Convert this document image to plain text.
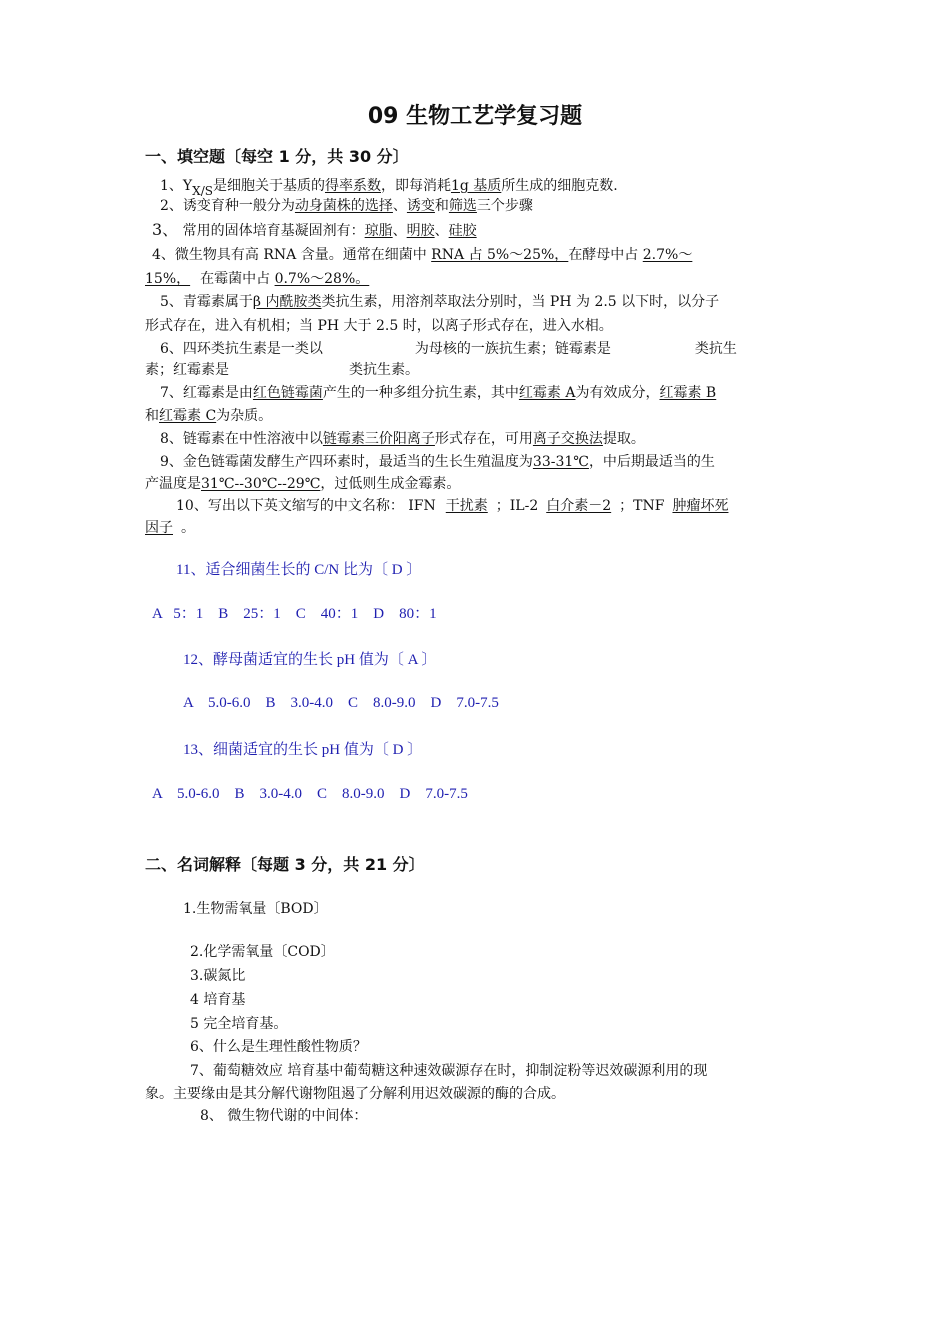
09 生物工艺学复习题
一、填空题〔每空 1 分，共 30 分〕
1、$Y_{X/S}$是细胞关于基质的得率系数，即每消耗1g 基质所生成的细胞克数.
2、诱变育种一般分为动身菌株的选择、诱变和筛选三个步骤
3、 常用的固体培育基凝固剂有：琼脂、明胶、硅胶
4、微生物具有高 RNA 含量。通常在细菌中 RNA 占 5%～25%，在酵母中占 2.7%～
15%， 在霉菌中占 0.7%～28%。
5、青霉素属于β 内酰胺类类抗生素，用溶剂萃取法分别时，当 PH 为 2.5 以下时，以分子
形式存在，进入有机相；当 PH 大于 2.5 时，以离子形式存在，进入水相。
6、四环类抗生素是一类以	为母核的一族抗生素；链霉素是	类抗生
素；红霉素是	类抗生素。
7、红霉素是由红色链霉菌产生的一种多组分抗生素，其中红霉素 A为有效成分，红霉素 B
和红霉素 C为杂质。
8、链霉素在中性溶液中以链霉素三价阳离子形式存在，可用离子交换法提取。
9、金色链霉菌发酵生产四环素时，最适当的生长生殖温度为33-31℃，中后期最适当的生
产温度是31℃--30℃--29℃，过低则生成金霉素。
10、写出以下英文缩写的中文名称： IFN 干扰素 ；IL-2 白介素－2 ；TNF 肿瘤坏死
因子 。
11、适合细菌生长的 C/N 比为〔 D 〕
A   5：1    B    25：1    C    40：1    D    80：1
12、酵母菌适宜的生长 pH 值为〔 A 〕
A    5.0-6.0    B    3.0-4.0    C    8.0-9.0    D    7.0-7.5
13、细菌适宜的生长 pH 值为〔 D 〕
A    5.0-6.0    B    3.0-4.0    C    8.0-9.0    D    7.0-7.5
二、名词解释〔每题 3 分，共 21 分〕
1.生物需氧量〔BOD〕
2.化学需氧量〔COD〕
3.碳氮比
4 培育基
5 完全培育基。
6、什么是生理性酸性物质？
7、葡萄糖效应 培育基中葡萄糖这种速效碳源存在时，抑制淀粉等迟效碳源利用的现
象。主要缘由是其分解代谢物阻遏了分解利用迟效碳源的酶的合成。
8、 微生物代谢的中间体：
